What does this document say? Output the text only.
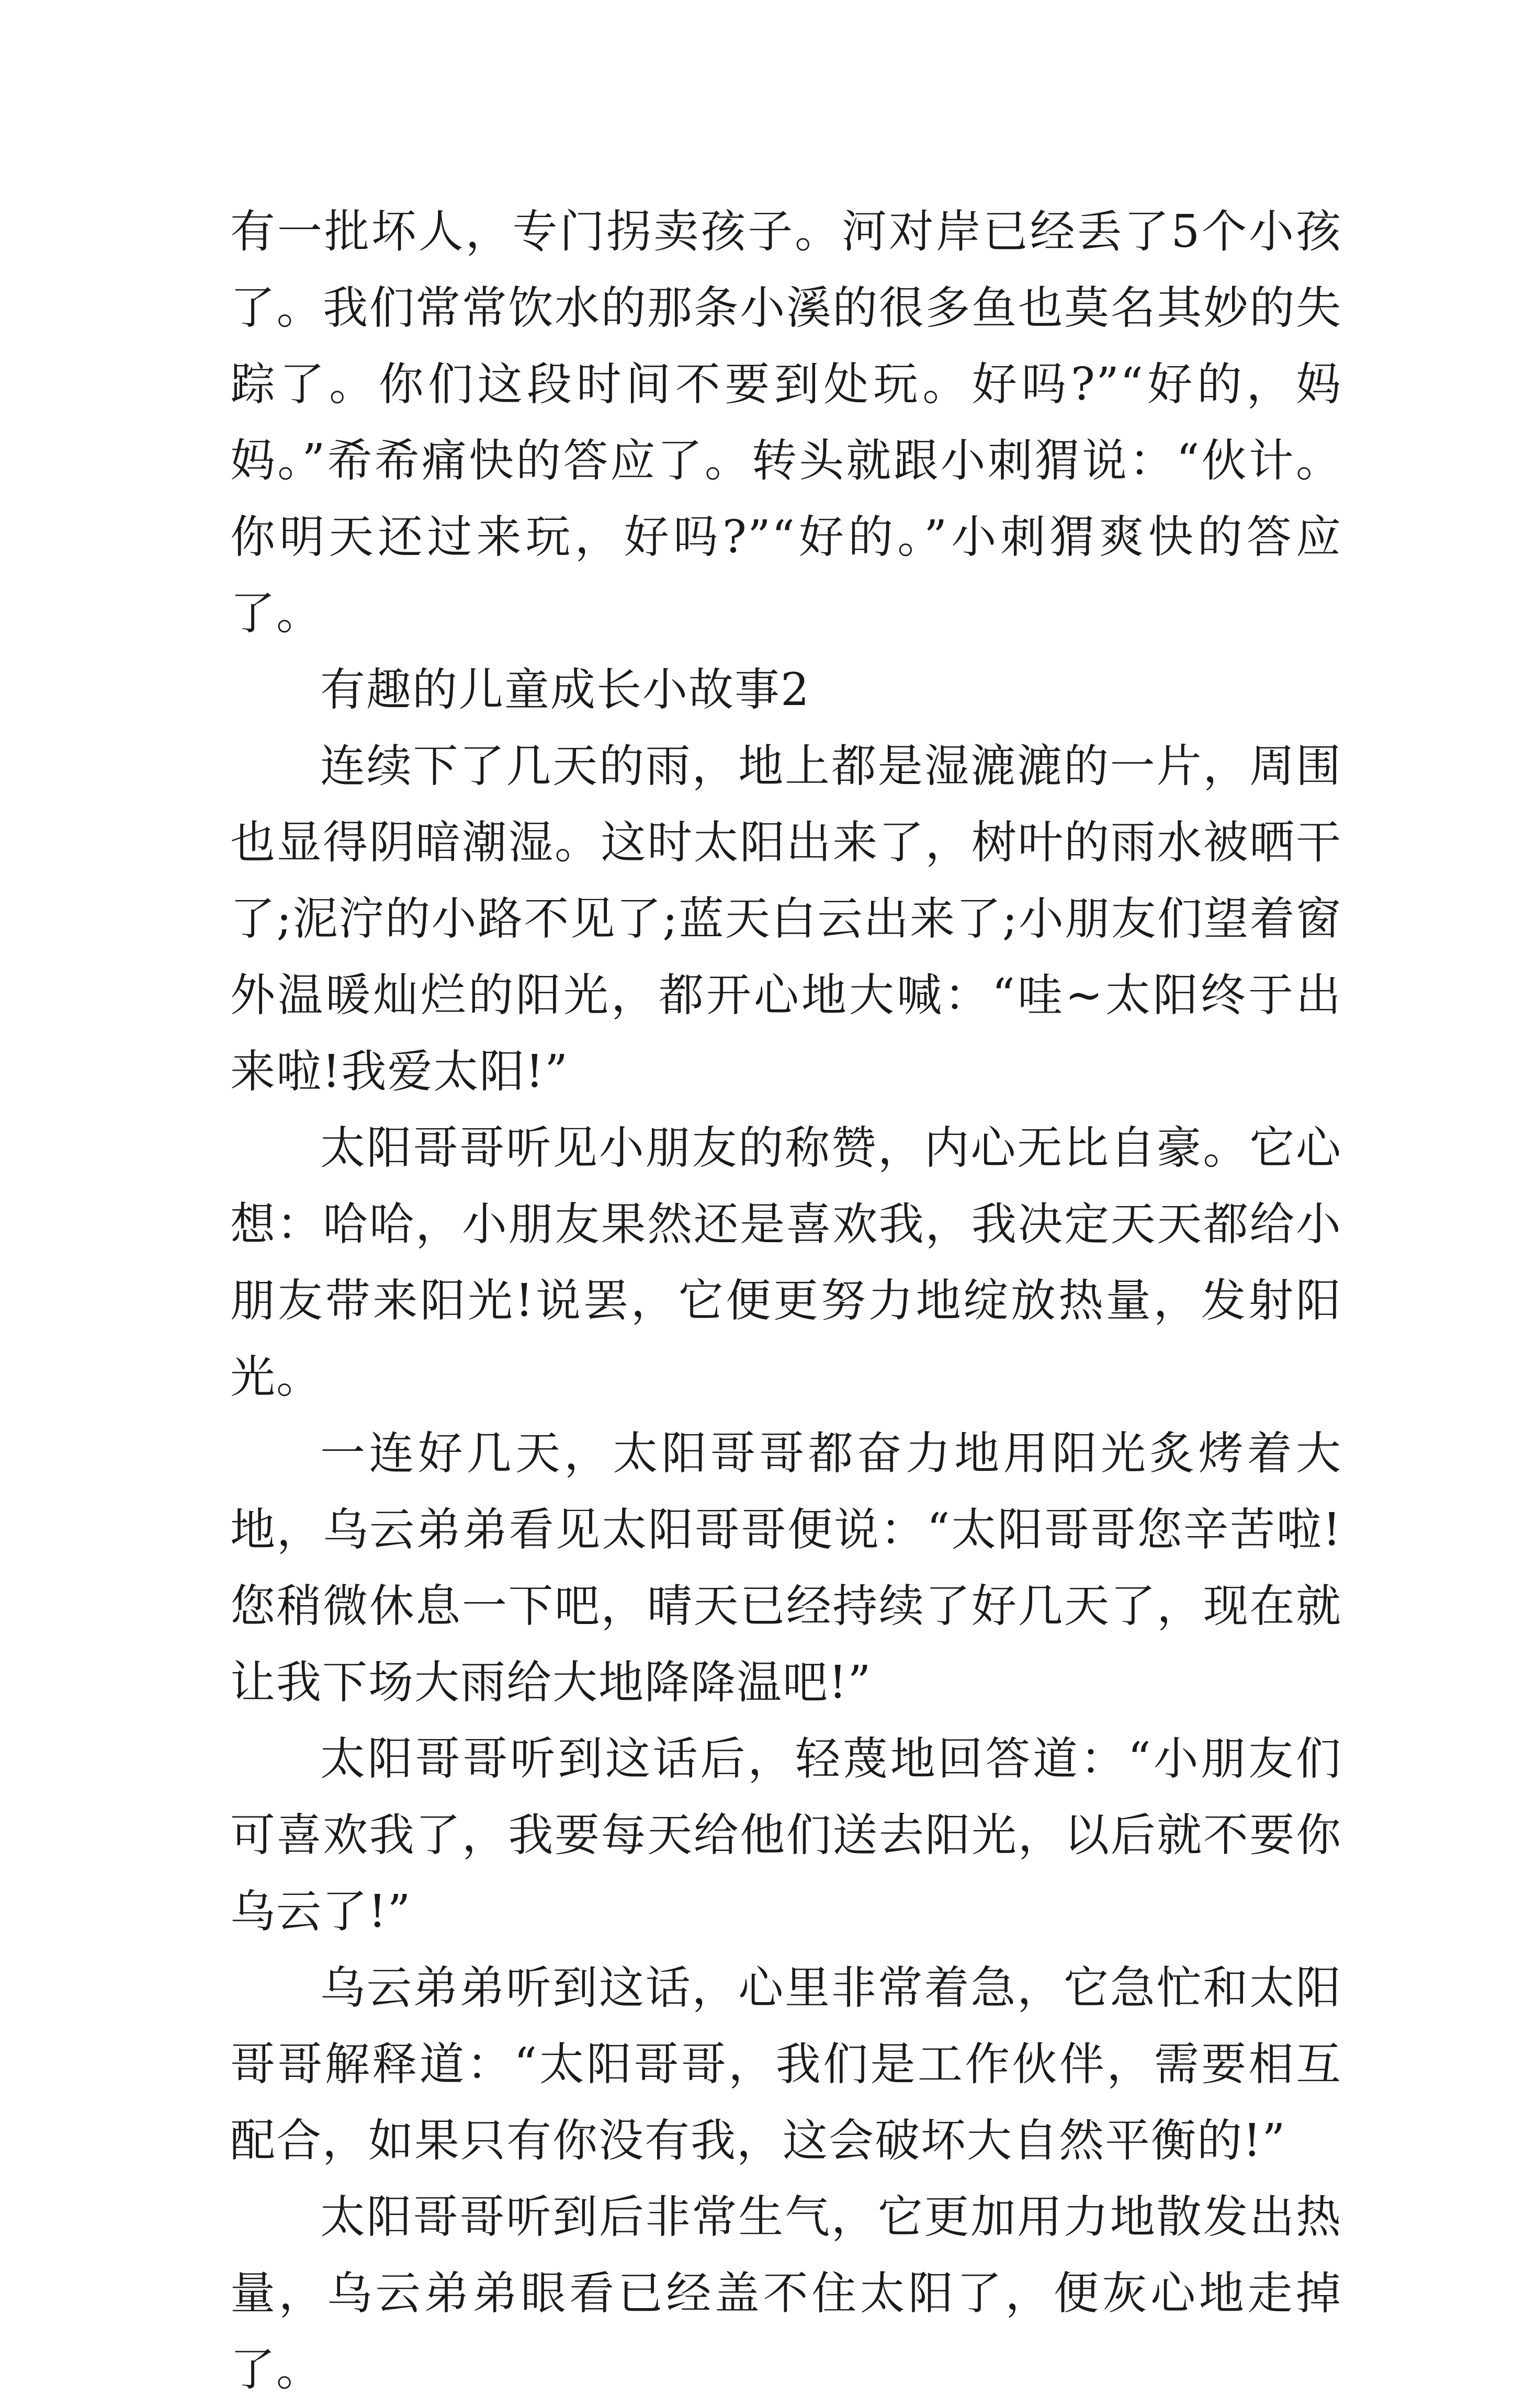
有一批坏人，专门拐卖孩子。河对岸已经丢了5个小孩了。我们常常饮水的那条小溪的很多鱼也莫名其妙的失踪了。你们这段时间不要到处玩。好吗?”“好的，妈妈。”希希痛快的答应了。转头就跟小刺猬说：“伙计。你明天还过来玩，好吗?”“好的。”小刺猬爽快的答应了。

有趣的儿童成长小故事2

连续下了几天的雨，地上都是湿漉漉的一片，周围也显得阴暗潮湿。这时太阳出来了，树叶的雨水被晒干了;泥泞的小路不见了;蓝天白云出来了;小朋友们望着窗外温暖灿烂的阳光，都开心地大喊：“哇~太阳终于出来啦!我爱太阳!”

太阳哥哥听见小朋友的称赞，内心无比自豪。它心想：哈哈，小朋友果然还是喜欢我，我决定天天都给小朋友带来阳光!说罢，它便更努力地绽放热量，发射阳光。

一连好几天，太阳哥哥都奋力地用阳光炙烤着大地，乌云弟弟看见太阳哥哥便说：“太阳哥哥您辛苦啦!您稍微休息一下吧，晴天已经持续了好几天了，现在就让我下场大雨给大地降降温吧!”

太阳哥哥听到这话后，轻蔑地回答道：“小朋友们可喜欢我了，我要每天给他们送去阳光，以后就不要你乌云了!”

乌云弟弟听到这话，心里非常着急，它急忙和太阳哥哥解释道：“太阳哥哥，我们是工作伙伴，需要相互配合，如果只有你没有我，这会破坏大自然平衡的!”

太阳哥哥听到后非常生气，它更加用力地散发出热量，乌云弟弟眼看已经盖不住太阳了，便灰心地走掉了。
